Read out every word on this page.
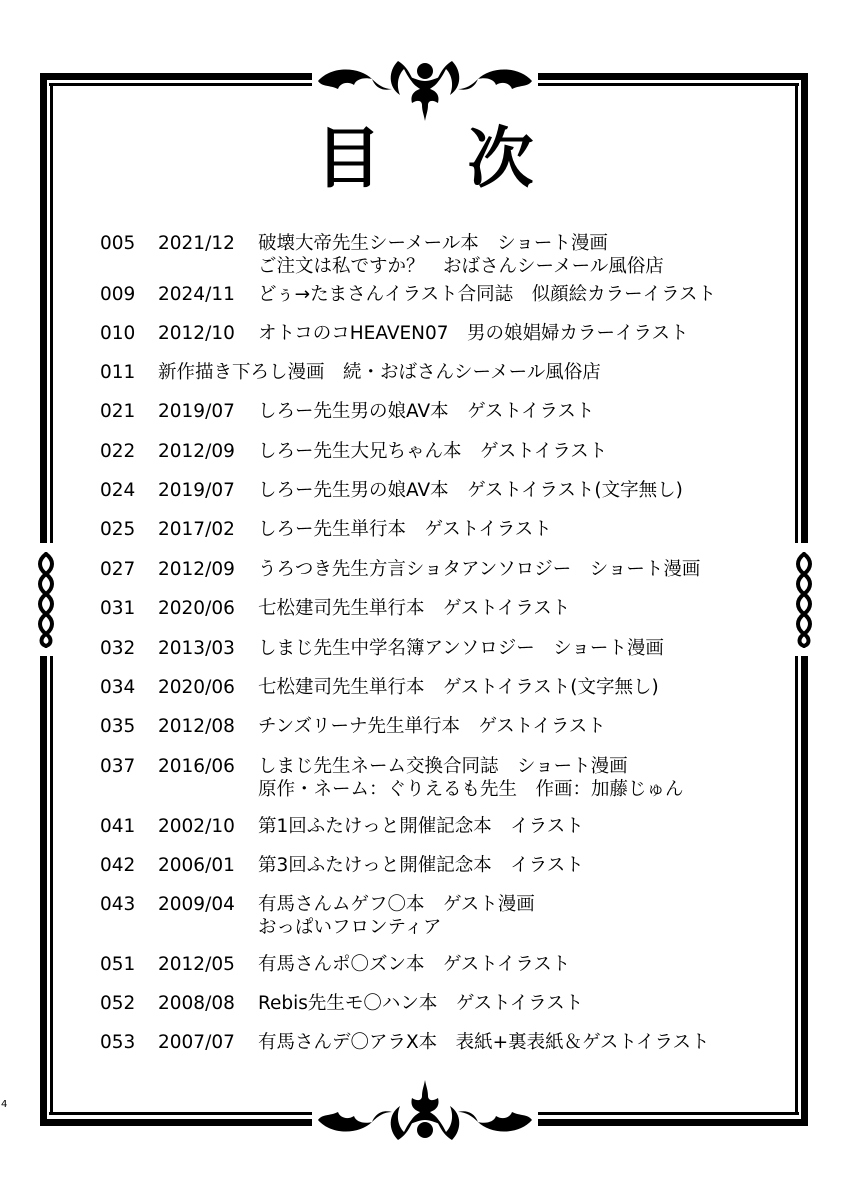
目 次
005	2021/12	破壊大帝先生シーメール本　ショート漫画
ご注文は私ですか？　おばさんシーメール風俗店
009	2024/11	どぅ→たまさんイラスト合同誌　似顔絵カラーイラスト
010	2012/10	オトコのコHEAVEN07　男の娘娼婦カラーイラスト
011	新作描き下ろし漫画　続・おばさんシーメール風俗店
021	2019/07	しろー先生男の娘AV本　ゲストイラスト
022	2012/09	しろー先生大兄ちゃん本　ゲストイラスト
024	2019/07	しろー先生男の娘AV本　ゲストイラスト(文字無し)
025	2017/02	しろー先生単行本　ゲストイラスト
027	2012/09	うろつき先生方言ショタアンソロジー　ショート漫画
031	2020/06	七松建司先生単行本　ゲストイラスト
032	2013/03	しまじ先生中学名簿アンソロジー　ショート漫画
034	2020/06	七松建司先生単行本　ゲストイラスト(文字無し)
035	2012/08	チンズリーナ先生単行本　ゲストイラスト
037	2016/06	しまじ先生ネーム交換合同誌　ショート漫画
原作・ネーム：ぐりえるも先生　作画：加藤じゅん
041	2002/10	第1回ふたけっと開催記念本　イラスト
042	2006/01	第3回ふたけっと開催記念本　イラスト
043	2009/04	有馬さんムゲフ〇本　ゲスト漫画
おっぱいフロンティア
051	2012/05	有馬さんポ〇ズン本　ゲストイラスト
052	2008/08	Rebis先生モ〇ハン本　ゲストイラスト
053	2007/07	有馬さんデ〇アラX本　表紙+裏表紙＆ゲストイラスト
4
